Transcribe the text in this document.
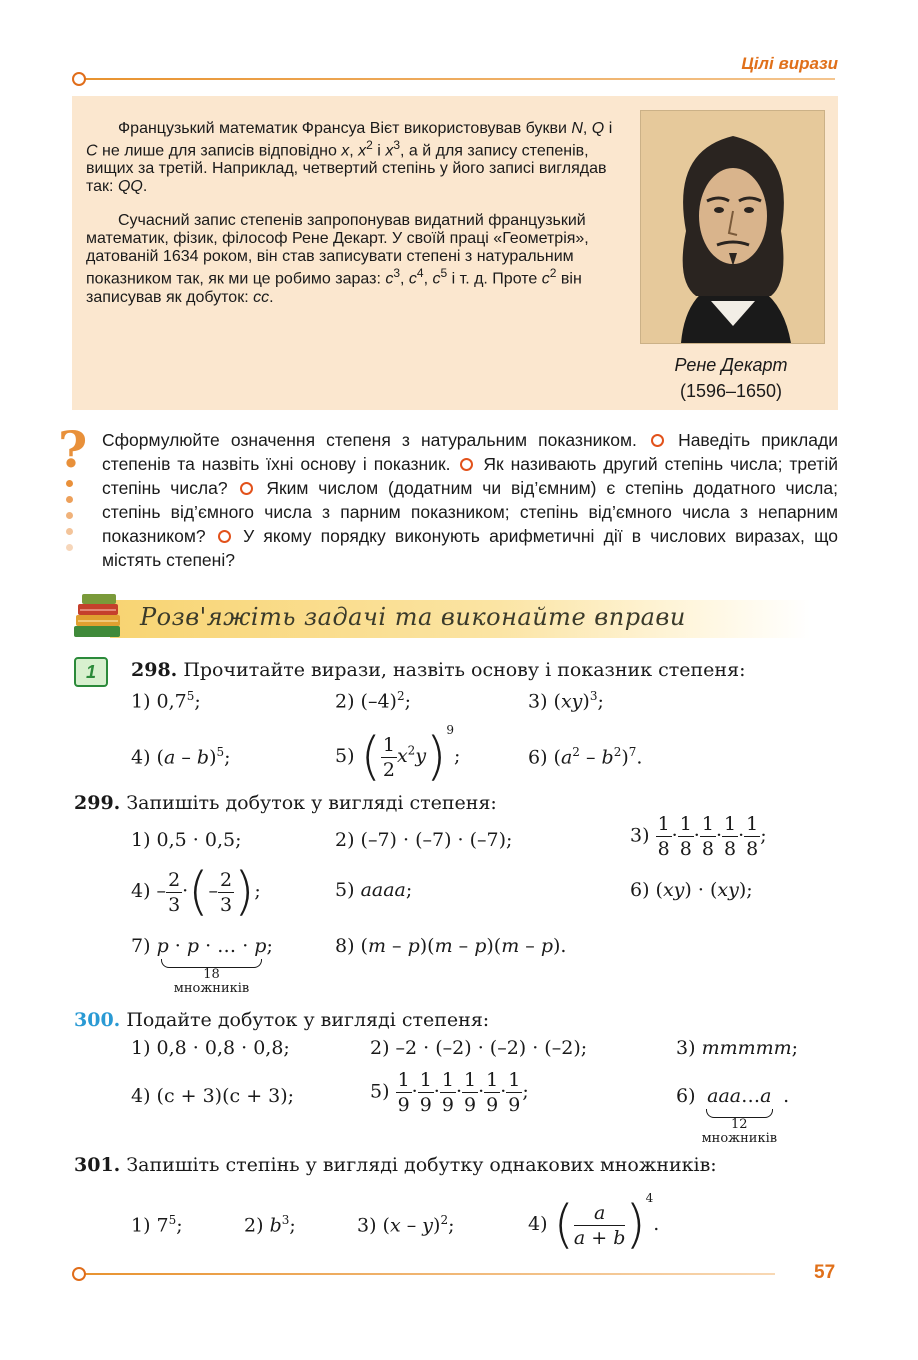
Цілі вирази

Французький математик Франсуа Вієт використовував букви N, Q і C не лише для записів відповідно x, $x^2$ і $x^3$, а й для запису степенів, вищих за третій. Наприклад, четвертий степінь у його записі виглядав так: QQ.

Сучасний запис степенів запропонував видатний французький математик, фізик, філософ Рене Декарт. У своїй праці «Геометрія», датованій 1634 роком, він став записувати степені з натуральним показником так, як ми це робимо зараз: $c^3$, $c^4$, $c^5$ і т. д. Проте $c^2$ він записував як добуток: cc.

Рене Декарт
(1596–1650)
? Сформулюйте означення степеня з натуральним показником. Наведіть приклади степенів та назвіть їхні основу і показник. Як називають другий степінь числа; третій степінь числа? Яким числом (додатним чи від’ємним) є степінь додатного числа; степінь від’ємного числа з парним показником; степінь від’ємного числа з непарним показником? У якому порядку виконують арифметичні дії в числових виразах, що містять степені?
Розв'яжіть задачі та виконайте вправи
1	298. Прочитайте вирази, назвіть основу і показник степеня:
1) $0,7^5$;	2) $(-4)^2$;	3) (xy)$^3$;
4) (a – b)$^5$;	5) ( $\frac{1}{2} x^2y)^9$;	6) $(a^2 - b^2)^7$.
299. Запишіть добуток у вигляді степеня:
1) 0,5 · 0,5;	2) (–7) · (–7) · (–7);	$3) \frac{1}{8} \cdot \frac{1}{8} \cdot \frac{1}{8} \cdot \frac{1}{8} \cdot \frac{1}{8}$ ;
$4) - \frac{2}{3}$ ·(– $\frac{2}{3}$ );	5) aaaa;	6) (xy) · (xy);
7) p · p · … · p
18
множників
;	8) (m – p)(m – p)(m – p).
300. Подайте добуток у вигляді степеня:
1) 0,8 · 0,8 · 0,8;	2) –2 · (–2) · (–2) · (–2);	3) mmmmm;
4) (c + 3)(c + 3);	$5) \frac{1}{9} \cdot \frac{1}{9} \cdot \frac{1}{9} \cdot \frac{1}{9} \cdot \frac{1}{9} \cdot \frac{1}{9}$ ;	6) aaa…a
12
множників
.
301. Запишіть степінь у вигляді добутку однакових множників:
1) $7^5$;	2) $b^3$;	3) (x – y)$^2$;	4) ( $\frac{a}{a + b} )^4$.
57
